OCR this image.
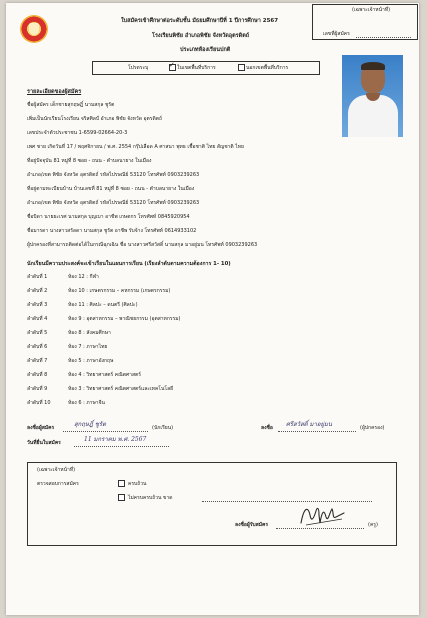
(เฉพาะเจ้าหน้าที่)
เลขที่ผู้สมัคร
ใบสมัครเข้าศึกษาต่อระดับชั้น มัธยมศึกษาปีที่ 1 ปีการศึกษา 2567
โรงเรียนพิชัย อำเภอพิชัย จังหวัดอุตรดิตถ์
ประเภทห้องเรียนปกติ
โปรดระบุ	✓ ในเขตพื้นที่บริการ	นอกเขตพื้นที่บริการ
รายละเอียดของผู้สมัคร
ชื่อผู้สมัคร เด็กชายสุกฤษฎิ์ นามสกุล ชูรัต
เพิ่มเป็นนักเรียนโรงเรียน จริสศิลป์ อำเภอ พิชัย จังหวัด อุตรดิตถ์
เลขประจำตัวประชาชน 1-6599-02664-20-3
เพศ ชาย เกิดวันที่ 17 / พฤศจิกายน / พ.ศ. 2554 กรุ๊ปเลือด A ศาสนา พุทธ เชื้อชาติ ไทย สัญชาติ ไทย
ที่อยู่ปัจจุบัน 81 หมู่ที่ 8 ซอย - ถนน - ตำบลนายาง ในเมือง
อำเภอ/เขต พิชัย จังหวัด อุตรดิตถ์ รหัสไปรษณีย์ 53120 โทรศัพท์ 0903239263
ที่อยู่ตามทะเบียนบ้าน บ้านเลขที่ 81 หมู่ที่ 8 ซอย - ถนน - ตำบลนายาง ในเมือง
อำเภอ/เขต พิชัย จังหวัด อุตรดิตถ์ รหัสไปรษณีย์ 53120 โทรศัพท์ 0903239263
ชื่อบิดา นายยะเรศ นามสกุล บุญเบา อาชีพ เกษตกร โทรศัพท์ 0845920954
ชื่อมารดา นางสาวสรัลดา นามสกุล ชูรัต อาชีพ รับจ้าง โทรศัพท์ 0614933102
ผู้ปกครองที่สามารถติดต่อได้ในกรณีฉุกเฉิน ชื่อ นางสาวศรีสวัสดิ์ นามสกุล มาอยู่มน โทรศัพท์ 0903239263
นักเรียนมีความประสงค์จะเข้าเรียนในแผนการเรียน (เรียงลำดับตามความต้องการ 1- 10)
ลำดับที่ 1	ห้อง 12 : กีฬา
ลำดับที่ 2	ห้อง 10 : เกษตรกรรม – คหกรรม (เกษตรกรรม)
ลำดับที่ 3	ห้อง 11 : ศิลปะ – ดนตรี (ศิลปะ)
ลำดับที่ 4	ห้อง 9 : อุตสาหกรรม – พาณิชยกรรม (อุตสาหกรรม)
ลำดับที่ 5	ห้อง 8 : สังคมศึกษา
ลำดับที่ 6	ห้อง 7 : ภาษาไทย
ลำดับที่ 7	ห้อง 5 : ภาษาอังกฤษ
ลำดับที่ 8	ห้อง 4 : วิทยาศาสตร์ คณิตศาสตร์
ลำดับที่ 9	ห้อง 3 : วิทยาศาสตร์ คณิตศาสตร์และเทคโนโลยี
ลำดับที่ 10	ห้อง 6 : ภาษาจีน
ลงชื่อผู้สมัคร	สุกฤษฎิ์ ชูรัต	(นักเรียน)	ลงชื่อ ศรีสวัสดิ์ มาอยู่มน	(ผู้ปกครอง)
วันที่ยื่นใบสมัคร	11 มกราคม พ.ศ. 2567
(เฉพาะเจ้าหน้าที่)
ตรวจสอบการสมัคร	ครบถ้วน
ไม่ครบครบถ้วน ขาด
ลงชื่อผู้รับสมัคร	(ครู)
